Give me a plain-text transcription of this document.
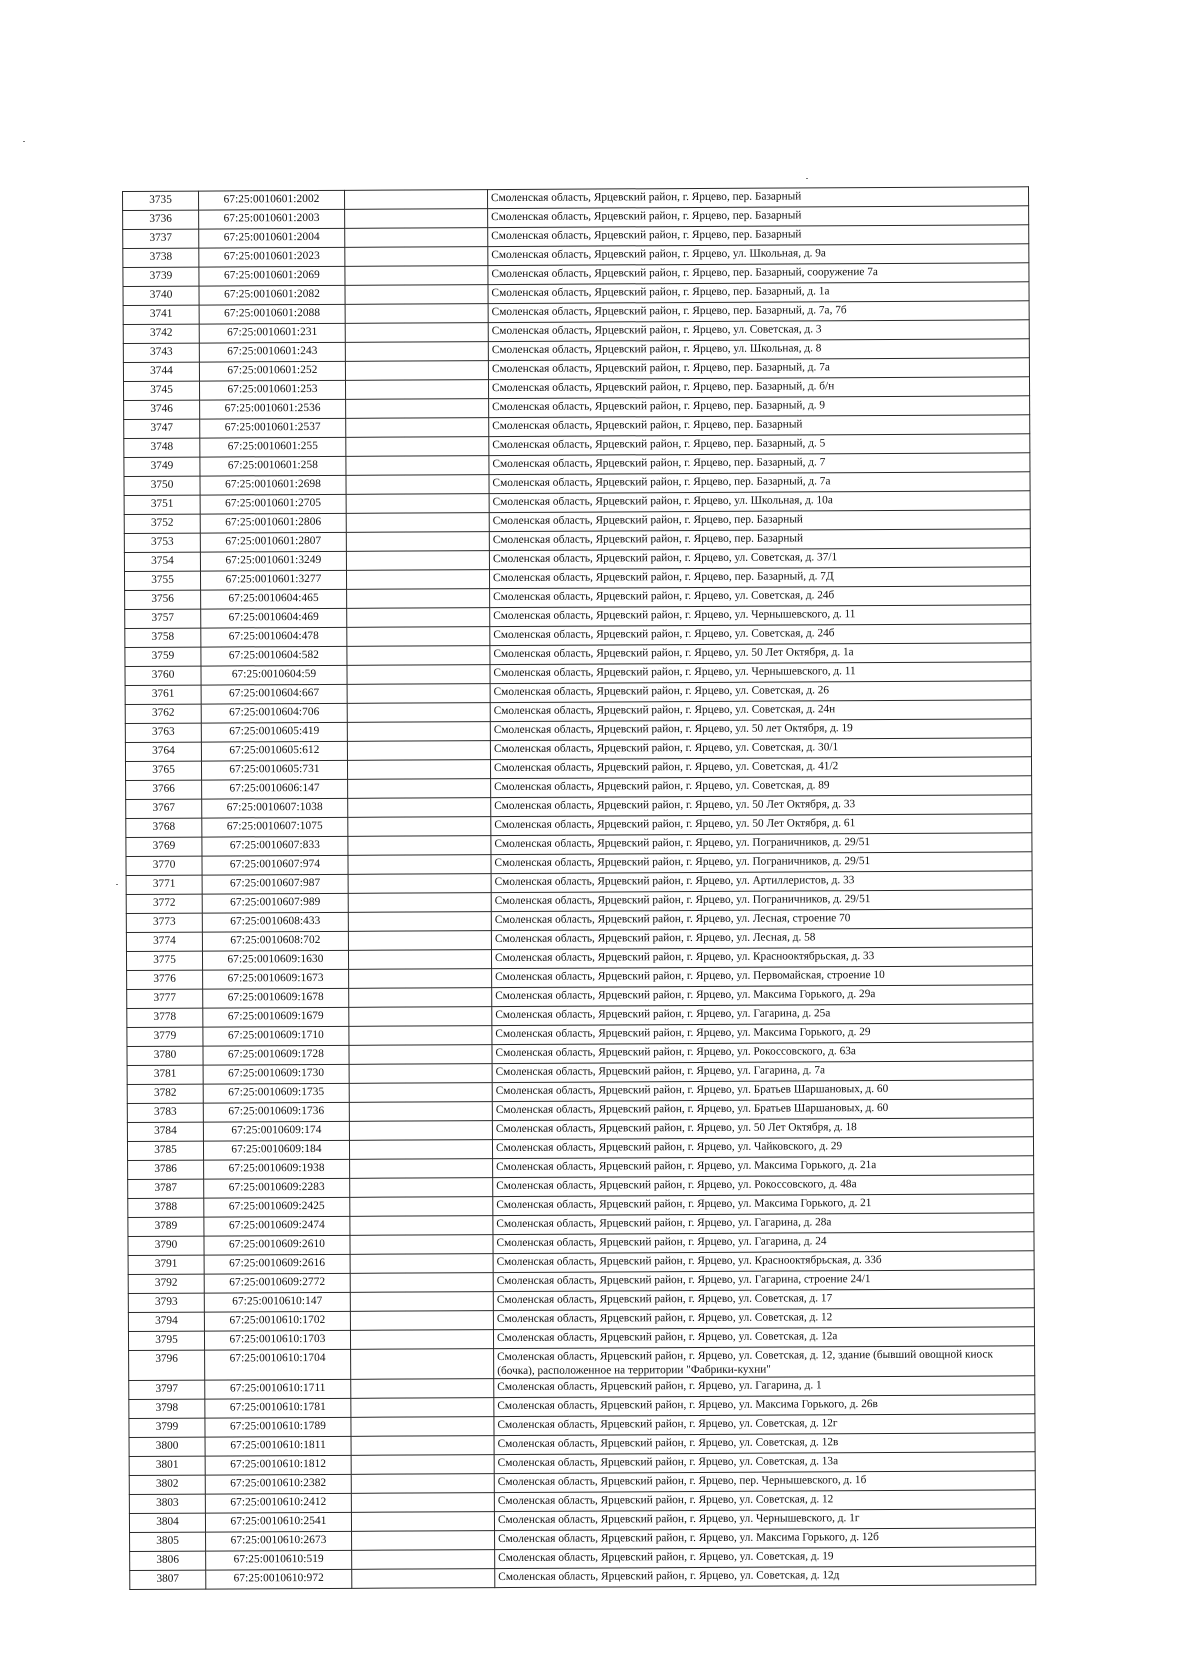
3735	67:25:0010601:2002		Смоленская область, Ярцевский район, г. Ярцево, пер. Базарный
3736	67:25:0010601:2003		Смоленская область, Ярцевский район, г. Ярцево, пер. Базарный
3737	67:25:0010601:2004		Смоленская область, Ярцевский район, г. Ярцево, пер. Базарный
3738	67:25:0010601:2023		Смоленская область, Ярцевский район, г. Ярцево, ул. Школьная, д. 9а
3739	67:25:0010601:2069		Смоленская область, Ярцевский район, г. Ярцево, пер. Базарный, сооружение 7а
3740	67:25:0010601:2082		Смоленская область, Ярцевский район, г. Ярцево, пер. Базарный, д. 1а
3741	67:25:0010601:2088		Смоленская область, Ярцевский район, г. Ярцево, пер. Базарный, д. 7а, 7б
3742	67:25:0010601:231		Смоленская область, Ярцевский район, г. Ярцево, ул. Советская, д. 3
3743	67:25:0010601:243		Смоленская область, Ярцевский район, г. Ярцево, ул. Школьная, д. 8
3744	67:25:0010601:252		Смоленская область, Ярцевский район, г. Ярцево, пер. Базарный, д. 7а
3745	67:25:0010601:253		Смоленская область, Ярцевский район, г. Ярцево, пер. Базарный, д. б/н
3746	67:25:0010601:2536		Смоленская область, Ярцевский район, г. Ярцево, пер. Базарный, д. 9
3747	67:25:0010601:2537		Смоленская область, Ярцевский район, г. Ярцево, пер. Базарный
3748	67:25:0010601:255		Смоленская область, Ярцевский район, г. Ярцево, пер. Базарный, д. 5
3749	67:25:0010601:258		Смоленская область, Ярцевский район, г. Ярцево, пер. Базарный, д. 7
3750	67:25:0010601:2698		Смоленская область, Ярцевский район, г. Ярцево, пер. Базарный, д. 7а
3751	67:25:0010601:2705		Смоленская область, Ярцевский район, г. Ярцево, ул. Школьная, д. 10а
3752	67:25:0010601:2806		Смоленская область, Ярцевский район, г. Ярцево, пер. Базарный
3753	67:25:0010601:2807		Смоленская область, Ярцевский район, г. Ярцево, пер. Базарный
3754	67:25:0010601:3249		Смоленская область, Ярцевский район, г. Ярцево, ул. Советская, д. 37/1
3755	67:25:0010601:3277		Смоленская область, Ярцевский район, г. Ярцево, пер. Базарный, д. 7Д
3756	67:25:0010604:465		Смоленская область, Ярцевский район, г. Ярцево, ул. Советская, д. 24б
3757	67:25:0010604:469		Смоленская область, Ярцевский район, г. Ярцево, ул. Чернышевского, д. 11
3758	67:25:0010604:478		Смоленская область, Ярцевский район, г. Ярцево, ул. Советская, д. 24б
3759	67:25:0010604:582		Смоленская область, Ярцевский район, г. Ярцево, ул. 50 Лет Октября, д. 1а
3760	67:25:0010604:59		Смоленская область, Ярцевский район, г. Ярцево, ул. Чернышевского, д. 11
3761	67:25:0010604:667		Смоленская область, Ярцевский район, г. Ярцево, ул. Советская, д. 26
3762	67:25:0010604:706		Смоленская область, Ярцевский район, г. Ярцево, ул. Советская, д. 24н
3763	67:25:0010605:419		Смоленская область, Ярцевский район, г. Ярцево, ул. 50 лет Октября, д. 19
3764	67:25:0010605:612		Смоленская область, Ярцевский район, г. Ярцево, ул. Советская, д. 30/1
3765	67:25:0010605:731		Смоленская область, Ярцевский район, г. Ярцево, ул. Советская, д. 41/2
3766	67:25:0010606:147		Смоленская область, Ярцевский район, г. Ярцево, ул. Советская, д. 89
3767	67:25:0010607:1038		Смоленская область, Ярцевский район, г. Ярцево, ул. 50 Лет Октября, д. 33
3768	67:25:0010607:1075		Смоленская область, Ярцевский район, г. Ярцево, ул. 50 Лет Октября, д. 61
3769	67:25:0010607:833		Смоленская область, Ярцевский район, г. Ярцево, ул. Пограничников, д. 29/51
3770	67:25:0010607:974		Смоленская область, Ярцевский район, г. Ярцево, ул. Пограничников, д. 29/51
3771	67:25:0010607:987		Смоленская область, Ярцевский район, г. Ярцево, ул. Артиллеристов, д. 33
3772	67:25:0010607:989		Смоленская область, Ярцевский район, г. Ярцево, ул. Пограничников, д. 29/51
3773	67:25:0010608:433		Смоленская область, Ярцевский район, г. Ярцево, ул. Лесная, строение 70
3774	67:25:0010608:702		Смоленская область, Ярцевский район, г. Ярцево, ул. Лесная, д. 58
3775	67:25:0010609:1630		Смоленская область, Ярцевский район, г. Ярцево, ул. Краснооктябрьская, д. 33
3776	67:25:0010609:1673		Смоленская область, Ярцевский район, г. Ярцево, ул. Первомайская, строение 10
3777	67:25:0010609:1678		Смоленская область, Ярцевский район, г. Ярцево, ул. Максима Горького, д. 29а
3778	67:25:0010609:1679		Смоленская область, Ярцевский район, г. Ярцево, ул. Гагарина, д. 25а
3779	67:25:0010609:1710		Смоленская область, Ярцевский район, г. Ярцево, ул. Максима Горького, д. 29
3780	67:25:0010609:1728		Смоленская область, Ярцевский район, г. Ярцево, ул. Рокоссовского, д. 63а
3781	67:25:0010609:1730		Смоленская область, Ярцевский район, г. Ярцево, ул. Гагарина, д. 7а
3782	67:25:0010609:1735		Смоленская область, Ярцевский район, г. Ярцево, ул. Братьев Шаршановых, д. 60
3783	67:25:0010609:1736		Смоленская область, Ярцевский район, г. Ярцево, ул. Братьев Шаршановых, д. 60
3784	67:25:0010609:174		Смоленская область, Ярцевский район, г. Ярцево, ул. 50 Лет Октября, д. 18
3785	67:25:0010609:184		Смоленская область, Ярцевский район, г. Ярцево, ул. Чайковского, д. 29
3786	67:25:0010609:1938		Смоленская область, Ярцевский район, г. Ярцево, ул. Максима Горького, д. 21а
3787	67:25:0010609:2283		Смоленская область, Ярцевский район, г. Ярцево, ул. Рокоссовского, д. 48а
3788	67:25:0010609:2425		Смоленская область, Ярцевский район, г. Ярцево, ул. Максима Горького, д. 21
3789	67:25:0010609:2474		Смоленская область, Ярцевский район, г. Ярцево, ул. Гагарина, д. 28а
3790	67:25:0010609:2610		Смоленская область, Ярцевский район, г. Ярцево, ул. Гагарина, д. 24
3791	67:25:0010609:2616		Смоленская область, Ярцевский район, г. Ярцево, ул. Краснооктябрьская, д. 33б
3792	67:25:0010609:2772		Смоленская область, Ярцевский район, г. Ярцево, ул. Гагарина, строение 24/1
3793	67:25:0010610:147		Смоленская область, Ярцевский район, г. Ярцево, ул. Советская, д. 17
3794	67:25:0010610:1702		Смоленская область, Ярцевский район, г. Ярцево, ул. Советская, д. 12
3795	67:25:0010610:1703		Смоленская область, Ярцевский район, г. Ярцево, ул. Советская, д. 12а
3796	67:25:0010610:1704		Смоленская область, Ярцевский район, г. Ярцево, ул. Советская, д. 12, здание (бывший овощной киоск (бочка), расположенное на территории "Фабрики-кухни"
3797	67:25:0010610:1711		Смоленская область, Ярцевский район, г. Ярцево, ул. Гагарина, д. 1
3798	67:25:0010610:1781		Смоленская область, Ярцевский район, г. Ярцево, ул. Максима Горького, д. 26в
3799	67:25:0010610:1789		Смоленская область, Ярцевский район, г. Ярцево, ул. Советская, д. 12г
3800	67:25:0010610:1811		Смоленская область, Ярцевский район, г. Ярцево, ул. Советская, д. 12в
3801	67:25:0010610:1812		Смоленская область, Ярцевский район, г. Ярцево, ул. Советская, д. 13а
3802	67:25:0010610:2382		Смоленская область, Ярцевский район, г. Ярцево, пер. Чернышевского, д. 1б
3803	67:25:0010610:2412		Смоленская область, Ярцевский район, г. Ярцево, ул. Советская, д. 12
3804	67:25:0010610:2541		Смоленская область, Ярцевский район, г. Ярцево, ул. Чернышевского, д. 1г
3805	67:25:0010610:2673		Смоленская область, Ярцевский район, г. Ярцево, ул. Максима Горького, д. 12б
3806	67:25:0010610:519		Смоленская область, Ярцевский район, г. Ярцево, ул. Советская, д. 19
3807	67:25:0010610:972		Смоленская область, Ярцевский район, г. Ярцево, ул. Советская, д. 12д
